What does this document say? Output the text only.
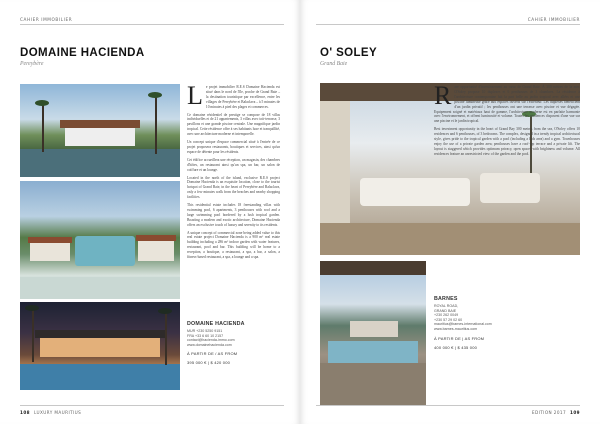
CAHIER IMMOBILIER
DOMAINE HACIENDA
Pereybère
L e projet immobilier R.E.S Domaine Hacienda est situé dans le nord de l'île, proche de Grand Baie – la destination touristique par excellence, entre les villages de Pereybère et Balaclava – à 5 minutes de 10 minutes à pied des plages et commerces.

Ce domaine résidentiel de prestige se compose de 18 villas individuelles et de 21 appartements, 3 villas avec toit-terrasse, 3 pavillons et une grande piscine centrale. Une magnifique jardin tropical. Cette résidence offre à ses habitants luxe et tranquillité, avec une architecture moderne et intemporelle.

Un concept unique d'espace commercial situé à l'entrée de ce projet proposera restaurants, boutiques et services, ainsi qu'un espace de détente pour les résidents.

Cet édifice accueillera une réception, un magasin, des chambres d'hôtes, un restaurant ainsi qu'un spa, un bar, un salon de coiffure et un lounge.

Located in the north of the island, exclusive R.E.S project Domaine Hacienda is an exquisite location, close to the tourist hotspot of Grand Baie, in the heart of Pereybère and Balaclava, only a few minutes walk from the beaches and nearby shopping facilities.

This residential estate includes 18 freestanding villas with swimming pool, 6 apartments, 3 penthouses with roof and a large swimming pool bordered by a lush tropical garden. Boasting a modern and exotic architecture, Domaine Hacienda offers an exclusive touch of luxury and serenity to its residents.

A unique concept of commercial zone being added value to this real estate project Domaine Hacienda is a 900 m² real estate building including a 286 m² indoor garden with water features, restaurant, pool and bar. This building will be home to a reception, a boutique, a restaurant, a spa, a bar, a salon, a fitness-based restaurant, a spa, a lounge and a spa.

DOMAINE HACIENDA
MUR +230 5250 9151
FRA +33 6 60 10 2157
contact@hacienda-immo.com
www.domainehacienda.com
À PARTIR DE / AS FROM
395 000 € | $ 420 000
108 LUXURY MAURITIUS
CAHIER IMMOBILIER
O' SOLEY
Grand Baie
R are opportunité d'investissement au cœur de Grand Baie. À 300 mètres de la mer, O'Soley propose 10 duplexes et 6 penthouses de 3 chambres. La résidence à l'architecture contemporaine fait la part belle au jardin tropical avec allées et une piscine lumineuse grâce aux espaces ouverts sur l'extérieur. Les duplexes bénéficient d'un jardin privatif ; les penthouses ont une terrasse avec piscine et vue dégagée. Equipement soigné et matériaux haut de gamme, l'architecture moderne est en parfaite harmonie avec l'environnement, et offrent luminosité et volume. Toutes les résidences disposent d'une vue sur une piscine et le jardin tropical.

Best investment opportunity in the heart of Grand Bay 300 metres from the sea, O'Soley offers 10 residences and 6 penthouses, of 3 bedrooms. The complex, designed in a trendy tropical architectural style, gives pride to the tropical garden with a pool (including a kids area) and a gym. Townhouses enjoy the use of a private garden area; penthouses have a roof-top terrace and a private lift. The layout is staggered which provides optimum privacy, open spaces with brightness and volume. All residences feature an unrestricted view of the garden and the pool.

BARNES
ROYAL ROAD,
GRAND BAIE
+230 262 0049
+230 57 29 02 60
mauritius@barnes-international.com
www.barnes-mauritius.com
À PARTIR DE | AS FROM
400 000 € | $ 435 000
EDITION 2017 109
